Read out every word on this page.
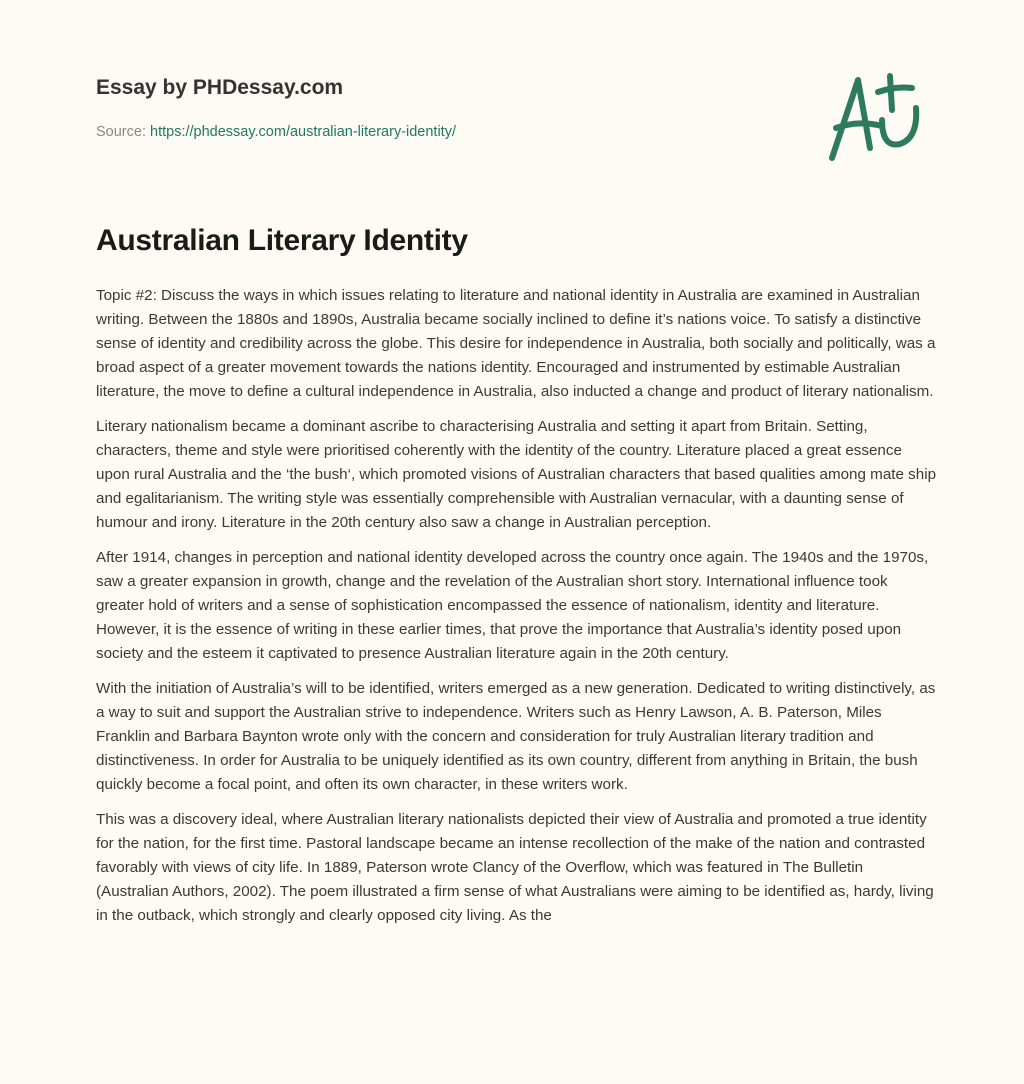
Essay by PHDessay.com
Source: https://phdessay.com/australian-literary-identity/
Australian Literary Identity

Topic #2: Discuss the ways in which issues relating to literature and national identity in Australia are examined in Australian writing. Between the 1880s and 1890s, Australia became socially inclined to define it’s nations voice. To satisfy a distinctive sense of identity and credibility across the globe. This desire for independence in Australia, both socially and politically, was a broad aspect of a greater movement towards the nations identity. Encouraged and instrumented by estimable Australian literature, the move to define a cultural independence in Australia, also inducted a change and product of literary nationalism.

Literary nationalism became a dominant ascribe to characterising Australia and setting it apart from Britain. Setting, characters, theme and style were prioritised coherently with the identity of the country. Literature placed a great essence upon rural Australia and the ‘the bush‘, which promoted visions of Australian characters that based qualities among mate ship and egalitarianism. The writing style was essentially comprehensible with Australian vernacular, with a daunting sense of humour and irony. Literature in the 20th century also saw a change in Australian perception.

After 1914, changes in perception and national identity developed across the country once again. The 1940s and the 1970s, saw a greater expansion in growth, change and the revelation of the Australian short story. International influence took greater hold of writers and a sense of sophistication encompassed the essence of nationalism, identity and literature. However, it is the essence of writing in these earlier times, that prove the importance that Australia’s identity posed upon society and the esteem it captivated to presence Australian literature again in the 20th century.

With the initiation of Australia’s will to be identified, writers emerged as a new generation. Dedicated to writing distinctively, as a way to suit and support the Australian strive to independence. Writers such as Henry Lawson, A. B. Paterson, Miles Franklin and Barbara Baynton wrote only with the concern and consideration for truly Australian literary tradition and distinctiveness. In order for Australia to be uniquely identified as its own country, different from anything in Britain, the bush quickly become a focal point, and often its own character, in these writers work.

This was a discovery ideal, where Australian literary nationalists depicted their view of Australia and promoted a true identity for the nation, for the first time. Pastoral landscape became an intense recollection of the make of the nation and contrasted favorably with views of city life. In 1889, Paterson wrote Clancy of the Overflow, which was featured in The Bulletin (Australian Authors, 2002). The poem illustrated a firm sense of what Australians were aiming to be identified as, hardy, living in the outback, which strongly and clearly opposed city living. As the
